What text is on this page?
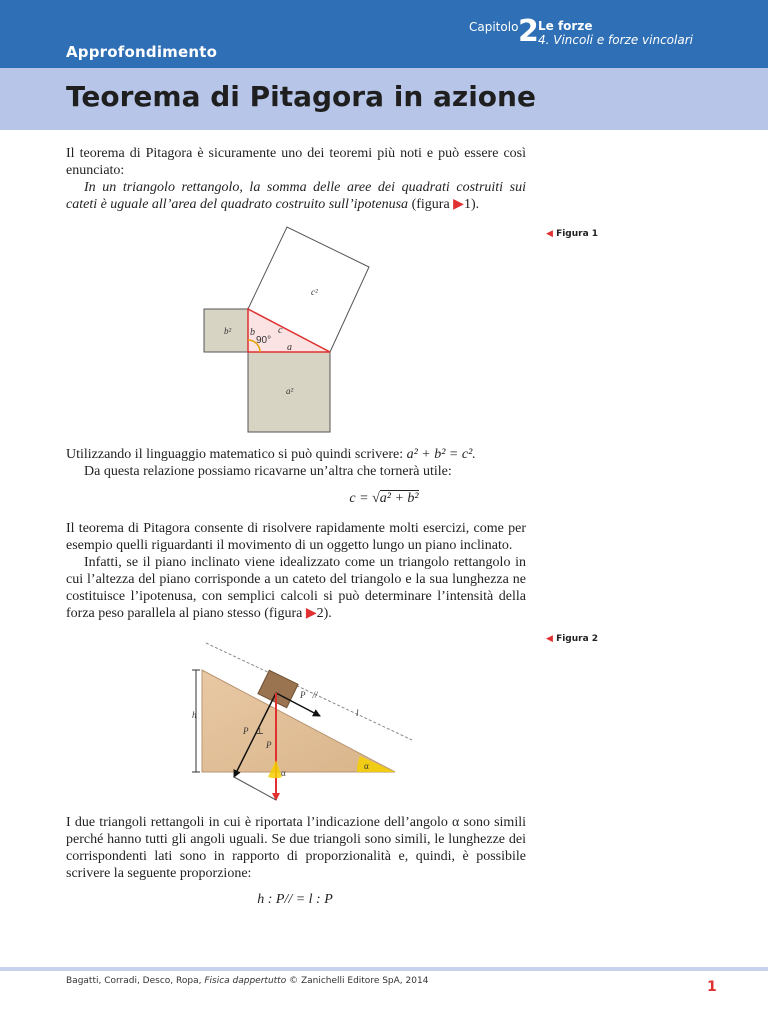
Approfondimento
Capitolo 2 Le forze
4. Vincoli e forze vincolari
Teorema di Pitagora in azione

Il teorema di Pitagora è sicuramente uno dei teoremi più noti e può essere così enunciato:
In un triangolo rettangolo, la somma delle aree dei quadrati costruiti sui cateti è uguale all’area del quadrato costruito sull’ipotenusa (figura ▶1).

◀ Figura 1
c²
b²
a²
b c
a
90°

Utilizzando il linguaggio matematico si può quindi scrivere: a² + b² = c².
Da questa relazione possiamo ricavarne un’altra che tornerà utile:

c = √a² + b²

Il teorema di Pitagora consente di risolvere rapidamente molti esercizi, come per esempio quelli riguardanti il movimento di un oggetto lungo un piano inclinato.
Infatti, se il piano inclinato viene idealizzato come un triangolo rettangolo in cui l’altezza del piano corrisponde a un cateto del triangolo e la sua lunghezza ne costituisce l’ipotenusa, con semplici calcoli si può determinare l’intensità della forza peso parallela al piano stesso (figura ▶2).

◀ Figura 2
h	l
α
α
P⃗//
P⃗⊥
P⃗

I due triangoli rettangoli in cui è riportata l’indicazione dell’angolo α sono simili perché hanno tutti gli angoli uguali. Se due triangoli sono simili, le lunghezze dei corrispondenti lati sono in rapporto di proporzionalità e, quindi, è possibile scrivere la seguente proporzione:

h : P// = l : P
Bagatti, Corradi, Desco, Ropa, Fisica dappertutto © Zanichelli Editore SpA, 2014	1
